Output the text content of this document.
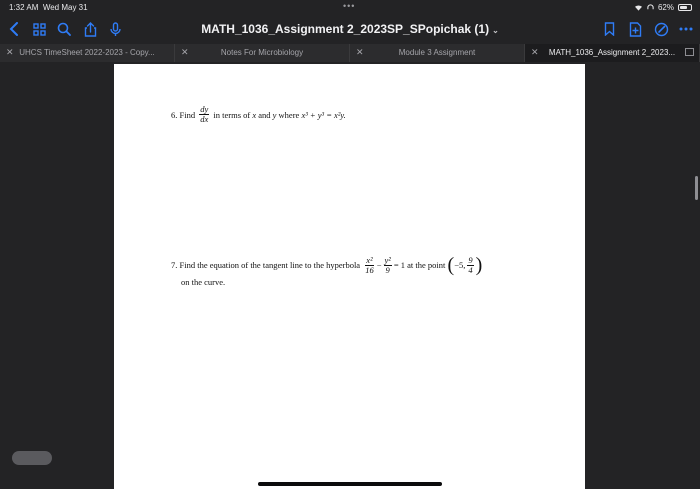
1:32 AM Wed May 31	•••	62%
MATH_1036_Assignment 2_2023SP_SPopichak (1) ⌄
✕ UHCS TimeSheet 2022-2023 - Copy...	✕	Notes For Microbiology	✕	Module 3 Assignment	✕	MATH_1036_Assignment 2_2023...
6.
Find
$\frac{dy}{dx}$
in terms of
x
and
y
where
x³ + y³ = x²y.
7.
Find the equation of the tangent line to the hyperbola
$\frac{\text{x²}}{16} - \frac{\text{y²}}{9} = 1$
at the point
( −5, $\frac{9}{4}$ )
on the curve.
